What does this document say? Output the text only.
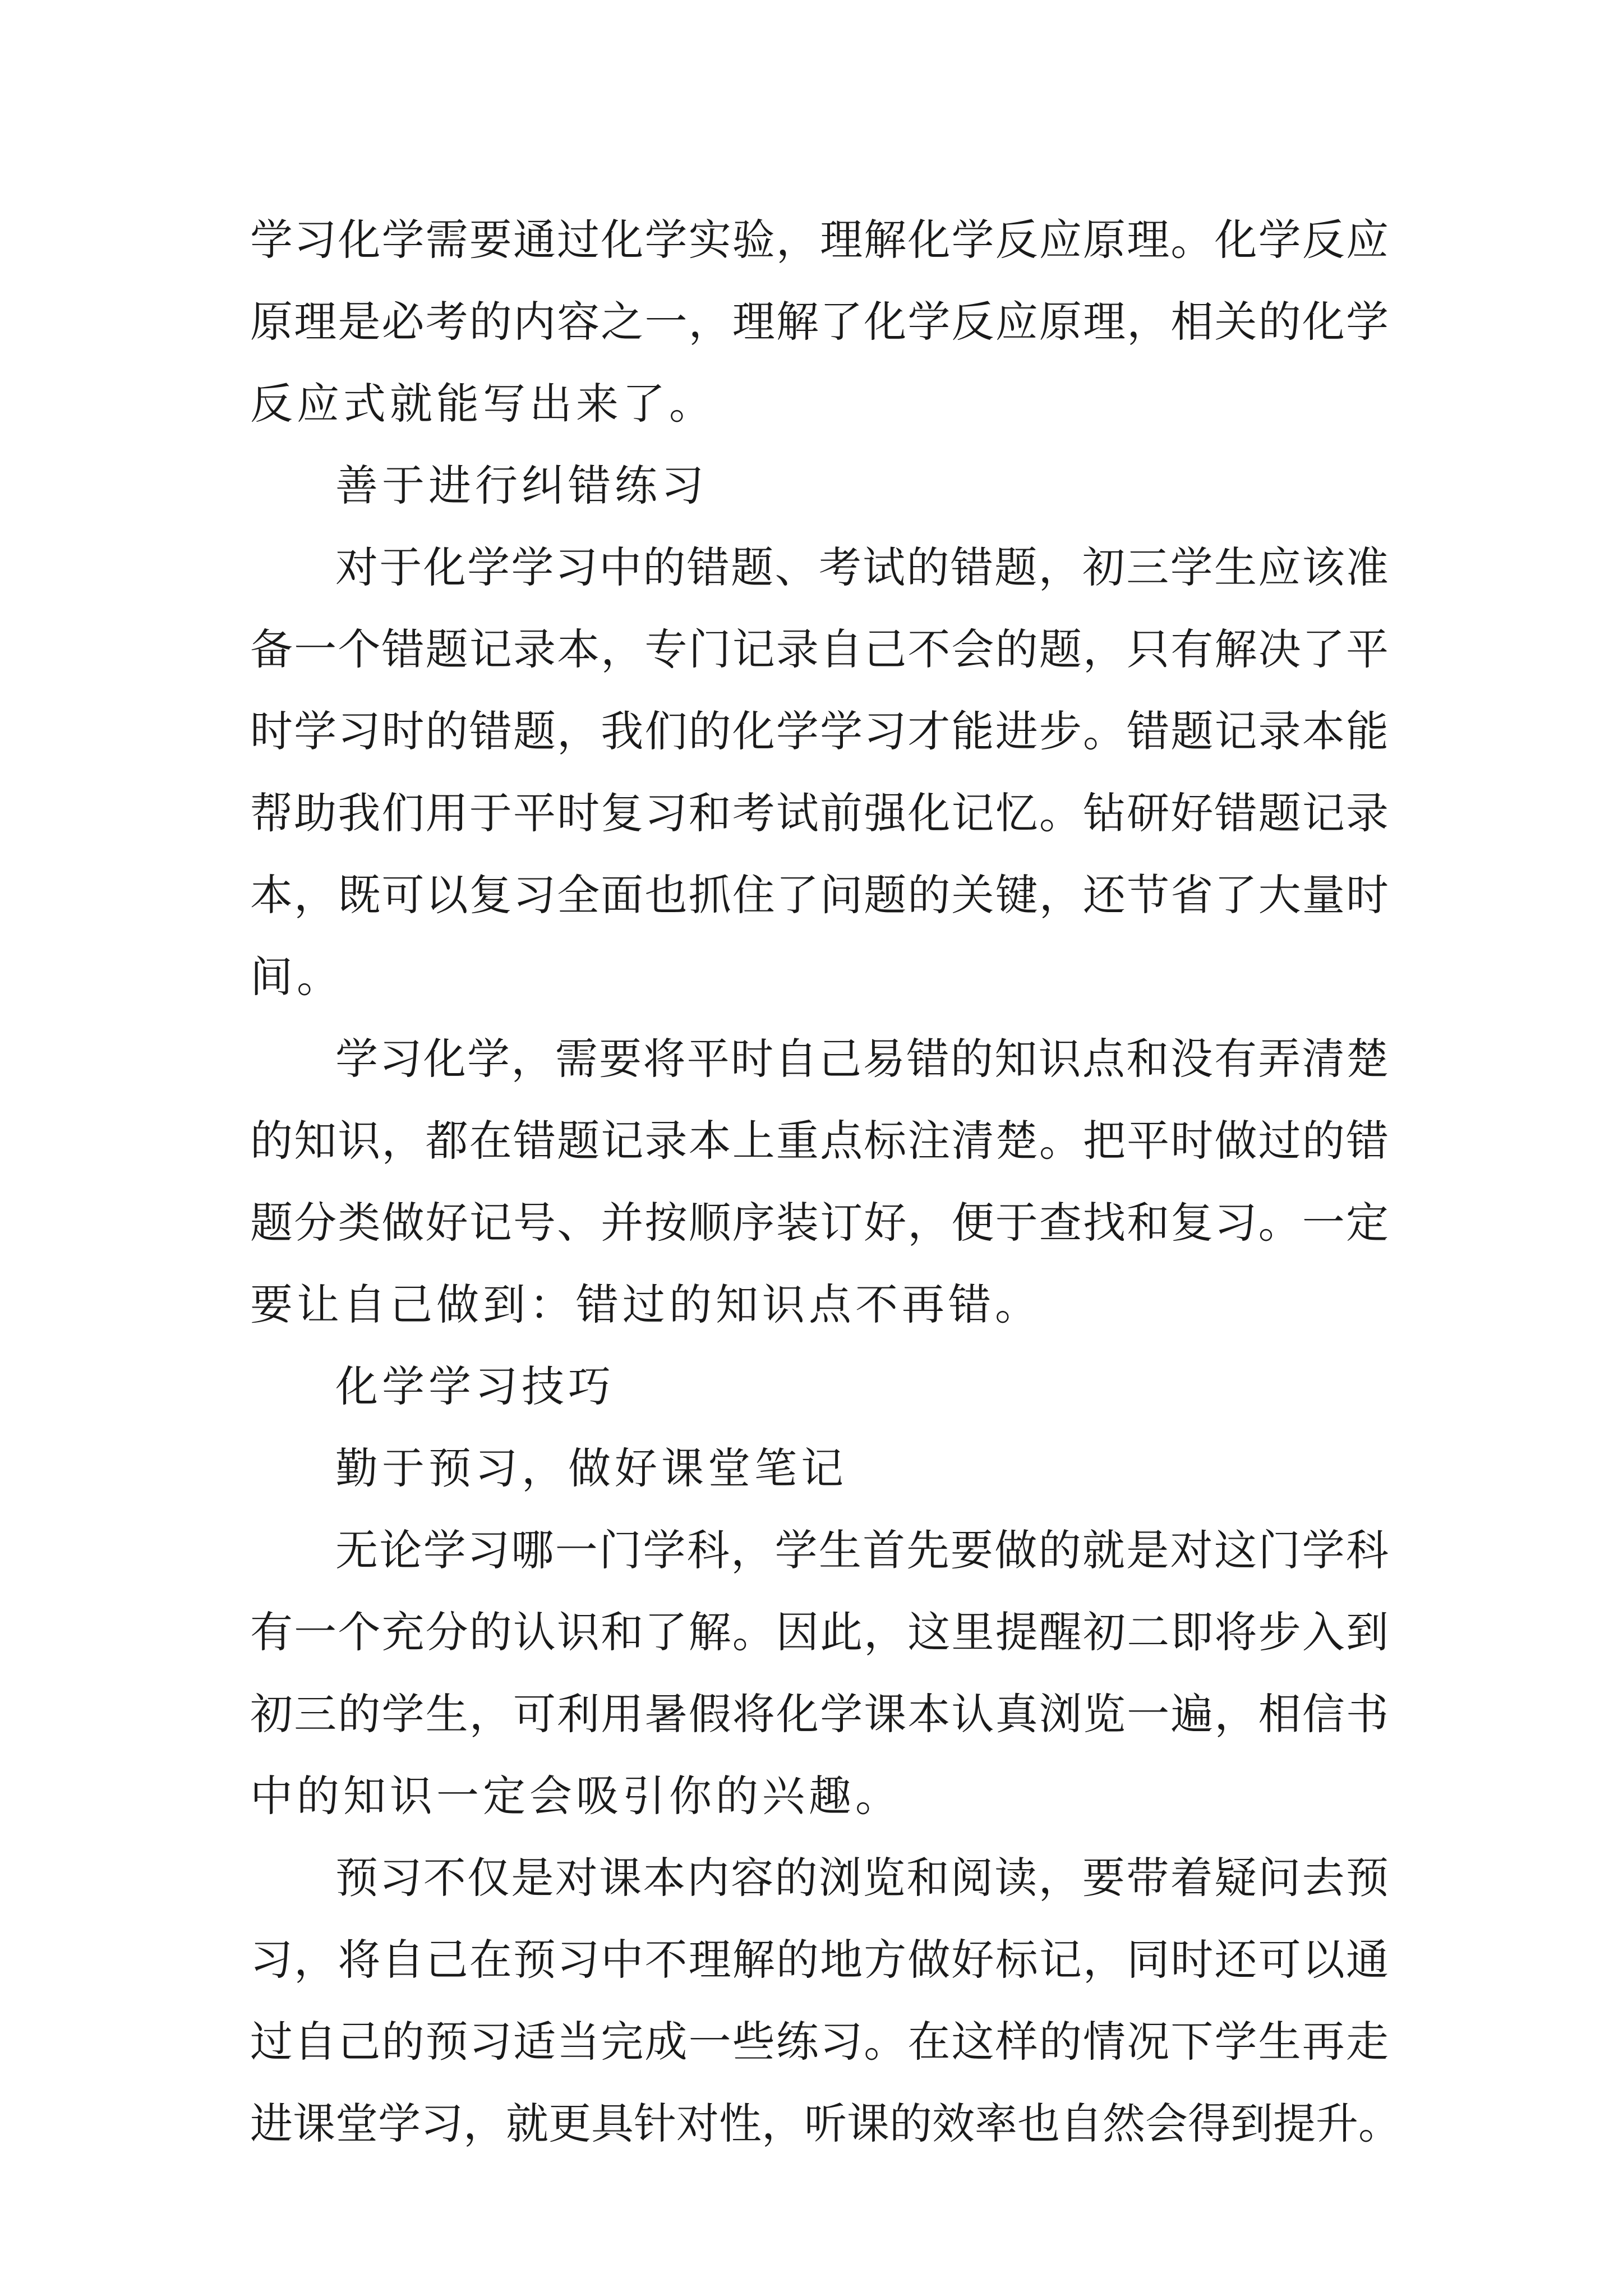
学习化学需要通过化学实验，理解化学反应原理。化学反应
原理是必考的内容之一，理解了化学反应原理，相关的化学
反应式就能写出来了。
善于进行纠错练习
对于化学学习中的错题、考试的错题，初三学生应该准
备一个错题记录本，专门记录自己不会的题，只有解决了平
时学习时的错题，我们的化学学习才能进步。错题记录本能
帮助我们用于平时复习和考试前强化记忆。钻研好错题记录
本，既可以复习全面也抓住了问题的关键，还节省了大量时
间。
学习化学，需要将平时自己易错的知识点和没有弄清楚
的知识，都在错题记录本上重点标注清楚。把平时做过的错
题分类做好记号、并按顺序装订好，便于查找和复习。一定
要让自己做到：错过的知识点不再错。
化学学习技巧
勤于预习，做好课堂笔记
无论学习哪一门学科，学生首先要做的就是对这门学科
有一个充分的认识和了解。因此，这里提醒初二即将步入到
初三的学生，可利用暑假将化学课本认真浏览一遍，相信书
中的知识一定会吸引你的兴趣。
预习不仅是对课本内容的浏览和阅读，要带着疑问去预
习，将自己在预习中不理解的地方做好标记，同时还可以通
过自己的预习适当完成一些练习。在这样的情况下学生再走
进课堂学习，就更具针对性，听课的效率也自然会得到提升。
